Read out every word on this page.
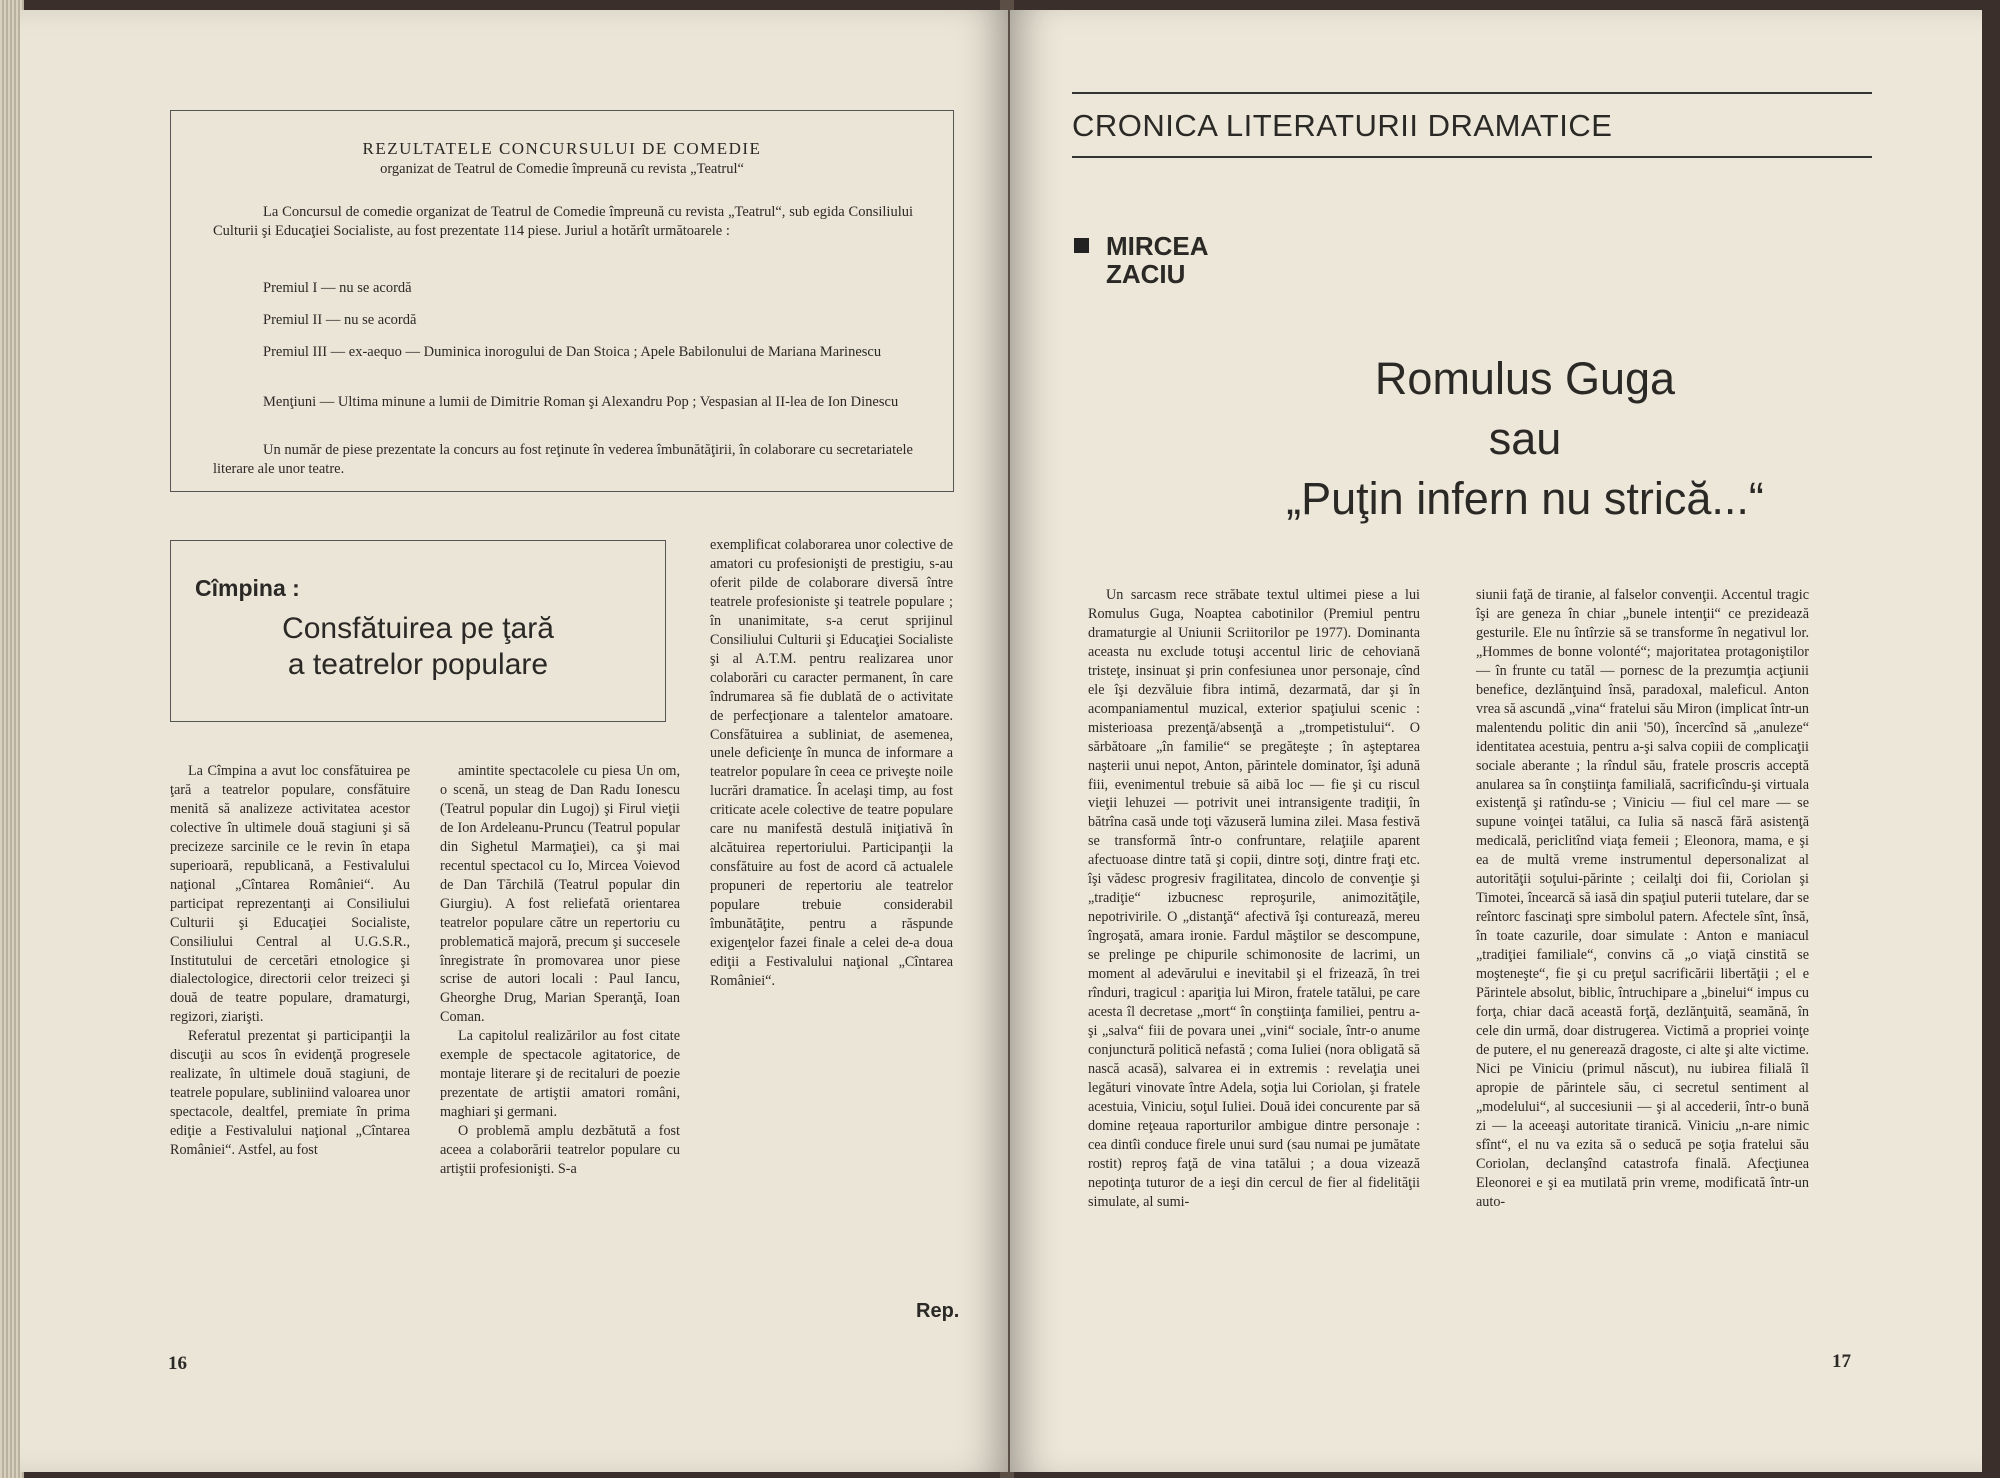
REZULTATELE CONCURSULUI DE COMEDIE
organizat de Teatrul de Comedie împreună cu revista „Teatrul“
La Concursul de comedie organizat de Teatrul de Comedie împreună cu revista „Teatrul“, sub egida Consiliului Culturii şi Educaţiei Socialiste, au fost prezentate 114 piese. Juriul a hotărît următoarele :
Premiul I — nu se acordă
Premiul II — nu se acordă
Premiul III — ex-aequo — Duminica inorogului de Dan Stoica ; Apele Babilonului de Mariana Marinescu
Menţiuni — Ultima minune a lumii de Dimitrie Roman şi Alexandru Pop ; Vespasian al II-lea de Ion Dinescu
Un număr de piese prezentate la concurs au fost reţinute în vederea îmbunătăţirii, în colaborare cu secretariatele literare ale unor teatre.
Cîmpina :
Consfătuirea pe ţară
a teatrelor populare

La Cîmpina a avut loc consfătuirea pe ţară a teatrelor populare, consfătuire menită să analizeze activitatea acestor colective în ultimele două stagiuni şi să precizeze sarcinile ce le revin în etapa superioară, republicană, a Festivalului naţional „Cîntarea României“. Au participat reprezentanţi ai Consiliului Culturii şi Educaţiei Socialiste, Consiliului Central al U.G.S.R., Institutului de cercetări etnologice şi dialectologice, directorii celor treizeci şi două de teatre populare, dramaturgi, regizori, ziarişti.

Referatul prezentat şi participanţii la discuţii au scos în evidenţă progresele realizate, în ultimele două stagiuni, de teatrele populare, subliniind valoarea unor spectacole, dealtfel, premiate în prima ediţie a Festivalului naţional „Cîntarea României“. Astfel, au fost

amintite spectacolele cu piesa Un om, o scenă, un steag de Dan Radu Ionescu (Teatrul popular din Lugoj) şi Firul vieţii de Ion Ardeleanu-Pruncu (Teatrul popular din Sighetul Marmaţiei), ca şi mai recentul spectacol cu Io, Mircea Voievod de Dan Tărchilă (Teatrul popular din Giurgiu). A fost reliefată orientarea teatrelor populare către un repertoriu cu problematică majoră, precum şi succesele înregistrate în promovarea unor piese scrise de autori locali : Paul Iancu, Gheorghe Drug, Marian Speranţă, Ioan Coman.

La capitolul realizărilor au fost citate exemple de spectacole agitatorice, de montaje literare şi de recitaluri de poezie prezentate de artiştii amatori români, maghiari şi germani.

O problemă amplu dezbătută a fost aceea a colaborării teatrelor populare cu artiştii profesionişti. S-a

exemplificat colaborarea unor colective de amatori cu profesionişti de prestigiu, s-au oferit pilde de colaborare diversă între teatrele profesioniste şi teatrele populare ; în unanimitate, s-a cerut sprijinul Consiliului Culturii şi Educaţiei Socialiste şi al A.T.M. pentru realizarea unor colaborări cu caracter permanent, în care îndrumarea să fie dublată de o activitate de perfecţionare a talentelor amatoare. Consfătuirea a subliniat, de asemenea, unele deficienţe în munca de informare a teatrelor populare în ceea ce priveşte noile lucrări dramatice. În acelaşi timp, au fost criticate acele colective de teatre populare care nu manifestă destulă iniţiativă în alcătuirea repertoriului. Participanţii la consfătuire au fost de acord că actualele propuneri de repertoriu ale teatrelor populare trebuie considerabil îmbunătăţite, pentru a răspunde exigenţelor fazei finale a celei de-a doua ediţii a Festivalului naţional „Cîntarea României“.

Rep.
16
CRONICA LITERATURII DRAMATICE
MIRCEA
ZACIU
Romulus Guga
sau
„Puţin infern nu strică...“

Un sarcasm rece străbate textul ultimei piese a lui Romulus Guga, Noaptea cabotinilor (Premiul pentru dramaturgie al Uniunii Scriitorilor pe 1977). Dominanta aceasta nu exclude totuşi accentul liric de cehoviană tristeţe, insinuat şi prin confesiunea unor personaje, cînd ele îşi dezvăluie fibra intimă, dezarmată, dar şi în acompaniamentul muzical, exterior spaţiului scenic : misterioasa prezenţă/absenţă a „trompetistului“. O sărbătoare „în familie“ se pregăteşte ; în aşteptarea naşterii unui nepot, Anton, părintele dominator, îşi adună fiii, evenimentul trebuie să aibă loc — fie şi cu riscul vieţii lehuzei — potrivit unei intransigente tradiţii, în bătrîna casă unde toţi văzuseră lumina zilei. Masa festivă se transformă într-o confruntare, relaţiile aparent afectuoase dintre tată şi copii, dintre soţi, dintre fraţi etc. îşi vădesc progresiv fragilitatea, dincolo de convenţie şi „tradiţie“ izbucnesc reproşurile, animozităţile, nepotrivirile. O „distanţă“ afectivă îşi conturează, mereu îngroşată, amara ironie. Fardul măştilor se descompune, se prelinge pe chipurile schimonosite de lacrimi, un moment al adevărului e inevitabil şi el frizează, în trei rînduri, tragicul : apariţia lui Miron, fratele tatălui, pe care acesta îl decretase „mort“ în conştiinţa familiei, pentru a-şi „salva“ fiii de povara unei „vini“ sociale, într-o anume conjunctură politică nefastă ; coma Iuliei (nora obligată să nască acasă), salvarea ei in extremis : revelaţia unei legături vinovate între Adela, soţia lui Coriolan, şi fratele acestuia, Viniciu, soţul Iuliei. Două idei concurente par să domine reţeaua raporturilor ambigue dintre personaje : cea dintîi conduce firele unui surd (sau numai pe jumătate rostit) reproş faţă de vina tatălui ; a doua vizează nepotinţa tuturor de a ieşi din cercul de fier al fidelităţii simulate, al sumi-

siunii faţă de tiranie, al falselor convenţii. Accentul tragic îşi are geneza în chiar „bunele intenţii“ ce prezidează gesturile. Ele nu întîrzie să se transforme în negativul lor. „Hommes de bonne volonté“; majoritatea protagoniştilor — în frunte cu tatăl — pornesc de la prezumţia acţiunii benefice, dezlănţuind însă, paradoxal, maleficul. Anton vrea să ascundă „vina“ fratelui său Miron (implicat într-un malentendu politic din anii '50), încercînd să „anuleze“ identitatea acestuia, pentru a-şi salva copiii de complicaţii sociale aberante ; la rîndul său, fratele proscris acceptă anularea sa în conştiinţa familială, sacrificîndu-şi virtuala existenţă şi ratîndu-se ; Viniciu — fiul cel mare — se supune voinţei tatălui, ca Iulia să nască fără asistenţă medicală, periclitînd viaţa femeii ; Eleonora, mama, e şi ea de multă vreme instrumentul depersonalizat al autorităţii soţului-părinte ; ceilalţi doi fii, Coriolan şi Timotei, încearcă să iasă din spaţiul puterii tutelare, dar se reîntorc fascinaţi spre simbolul patern. Afectele sînt, însă, în toate cazurile, doar simulate : Anton e maniacul „tradiţiei familiale“, convins că „o viaţă cinstită se moşteneşte“, fie şi cu preţul sacrificării libertăţii ; el e Părintele absolut, biblic, întruchipare a „binelui“ impus cu forţa, chiar dacă această forţă, dezlănţuită, seamănă, în cele din urmă, doar distrugerea. Victimă a propriei voinţe de putere, el nu generează dragoste, ci alte şi alte victime. Nici pe Viniciu (primul născut), nu iubirea filială îl apropie de părintele său, ci secretul sentiment al „modelului“, al succesiunii — şi al accederii, într-o bună zi — la aceeaşi autoritate tiranică. Viniciu „n-are nimic sfînt“, el nu va ezita să o seducă pe soţia fratelui său Coriolan, declanşînd catastrofa finală. Afecţiunea Eleonorei e şi ea mutilată prin vreme, modificată într-un auto-

17
